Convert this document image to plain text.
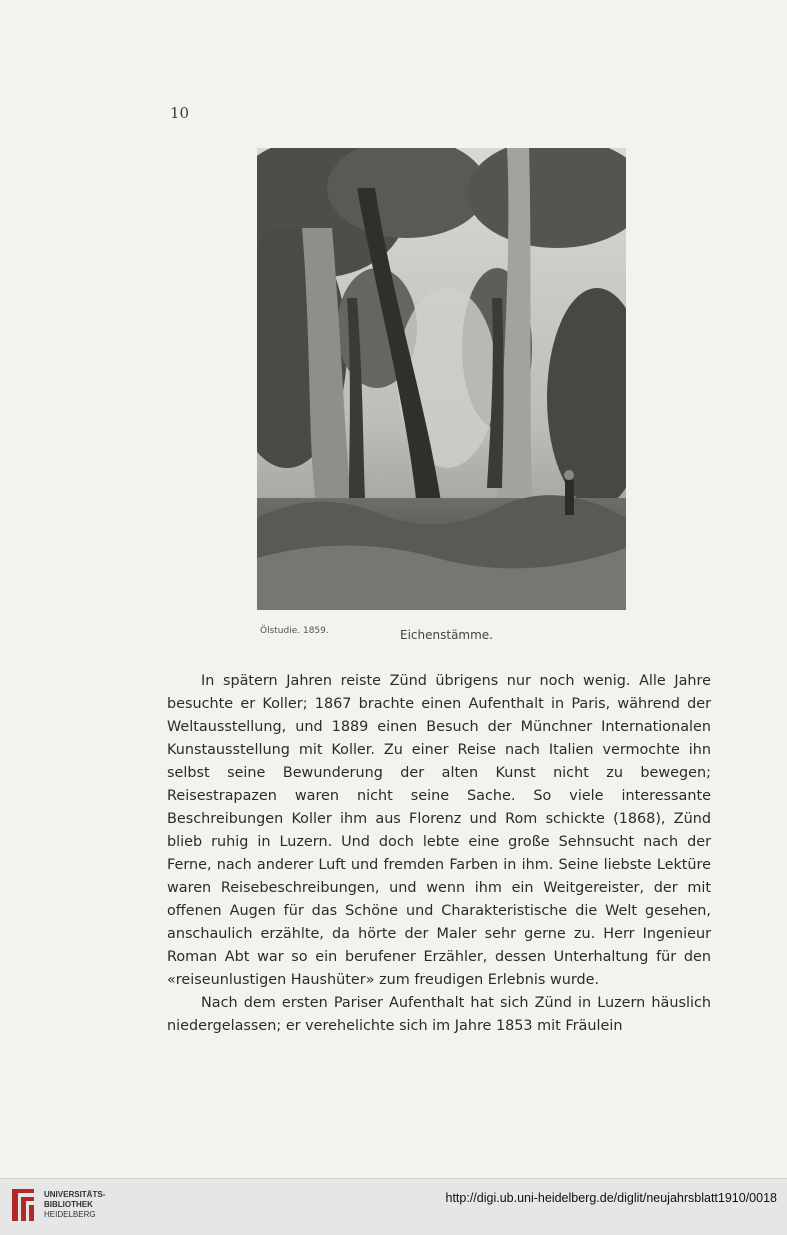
10
Ölstudie. 1859.	Eichenstämme.

In spätern Jahren reiste Zünd übrigens nur noch wenig. Alle Jahre besuchte er Koller; 1867 brachte einen Aufenthalt in Paris, während der Weltausstellung, und 1889 einen Besuch der Münchner Internationalen Kunstausstellung mit Koller. Zu einer Reise nach Italien vermochte ihn selbst seine Bewunderung der alten Kunst nicht zu bewegen; Reisestrapazen waren nicht seine Sache. So viele interessante Beschreibungen Koller ihm aus Florenz und Rom schickte (1868), Zünd blieb ruhig in Luzern. Und doch lebte eine große Sehnsucht nach der Ferne, nach anderer Luft und fremden Farben in ihm. Seine liebste Lektüre waren Reisebeschreibungen, und wenn ihm ein Weitgereister, der mit offenen Augen für das Schöne und Charakteristische die Welt gesehen, anschaulich erzählte, da hörte der Maler sehr gerne zu. Herr Ingenieur Roman Abt war so ein berufener Erzähler, dessen Unterhaltung für den «reiseunlustigen Haushüter» zum freudigen Erlebnis wurde.

Nach dem ersten Pariser Aufenthalt hat sich Zünd in Luzern häuslich niedergelassen; er verehelichte sich im Jahre 1853 mit Fräulein

UNIVERSITÄTS-
BIBLIOTHEK
HEIDELBERG
http://digi.ub.uni-heidelberg.de/diglit/neujahrsblatt1910/0018
